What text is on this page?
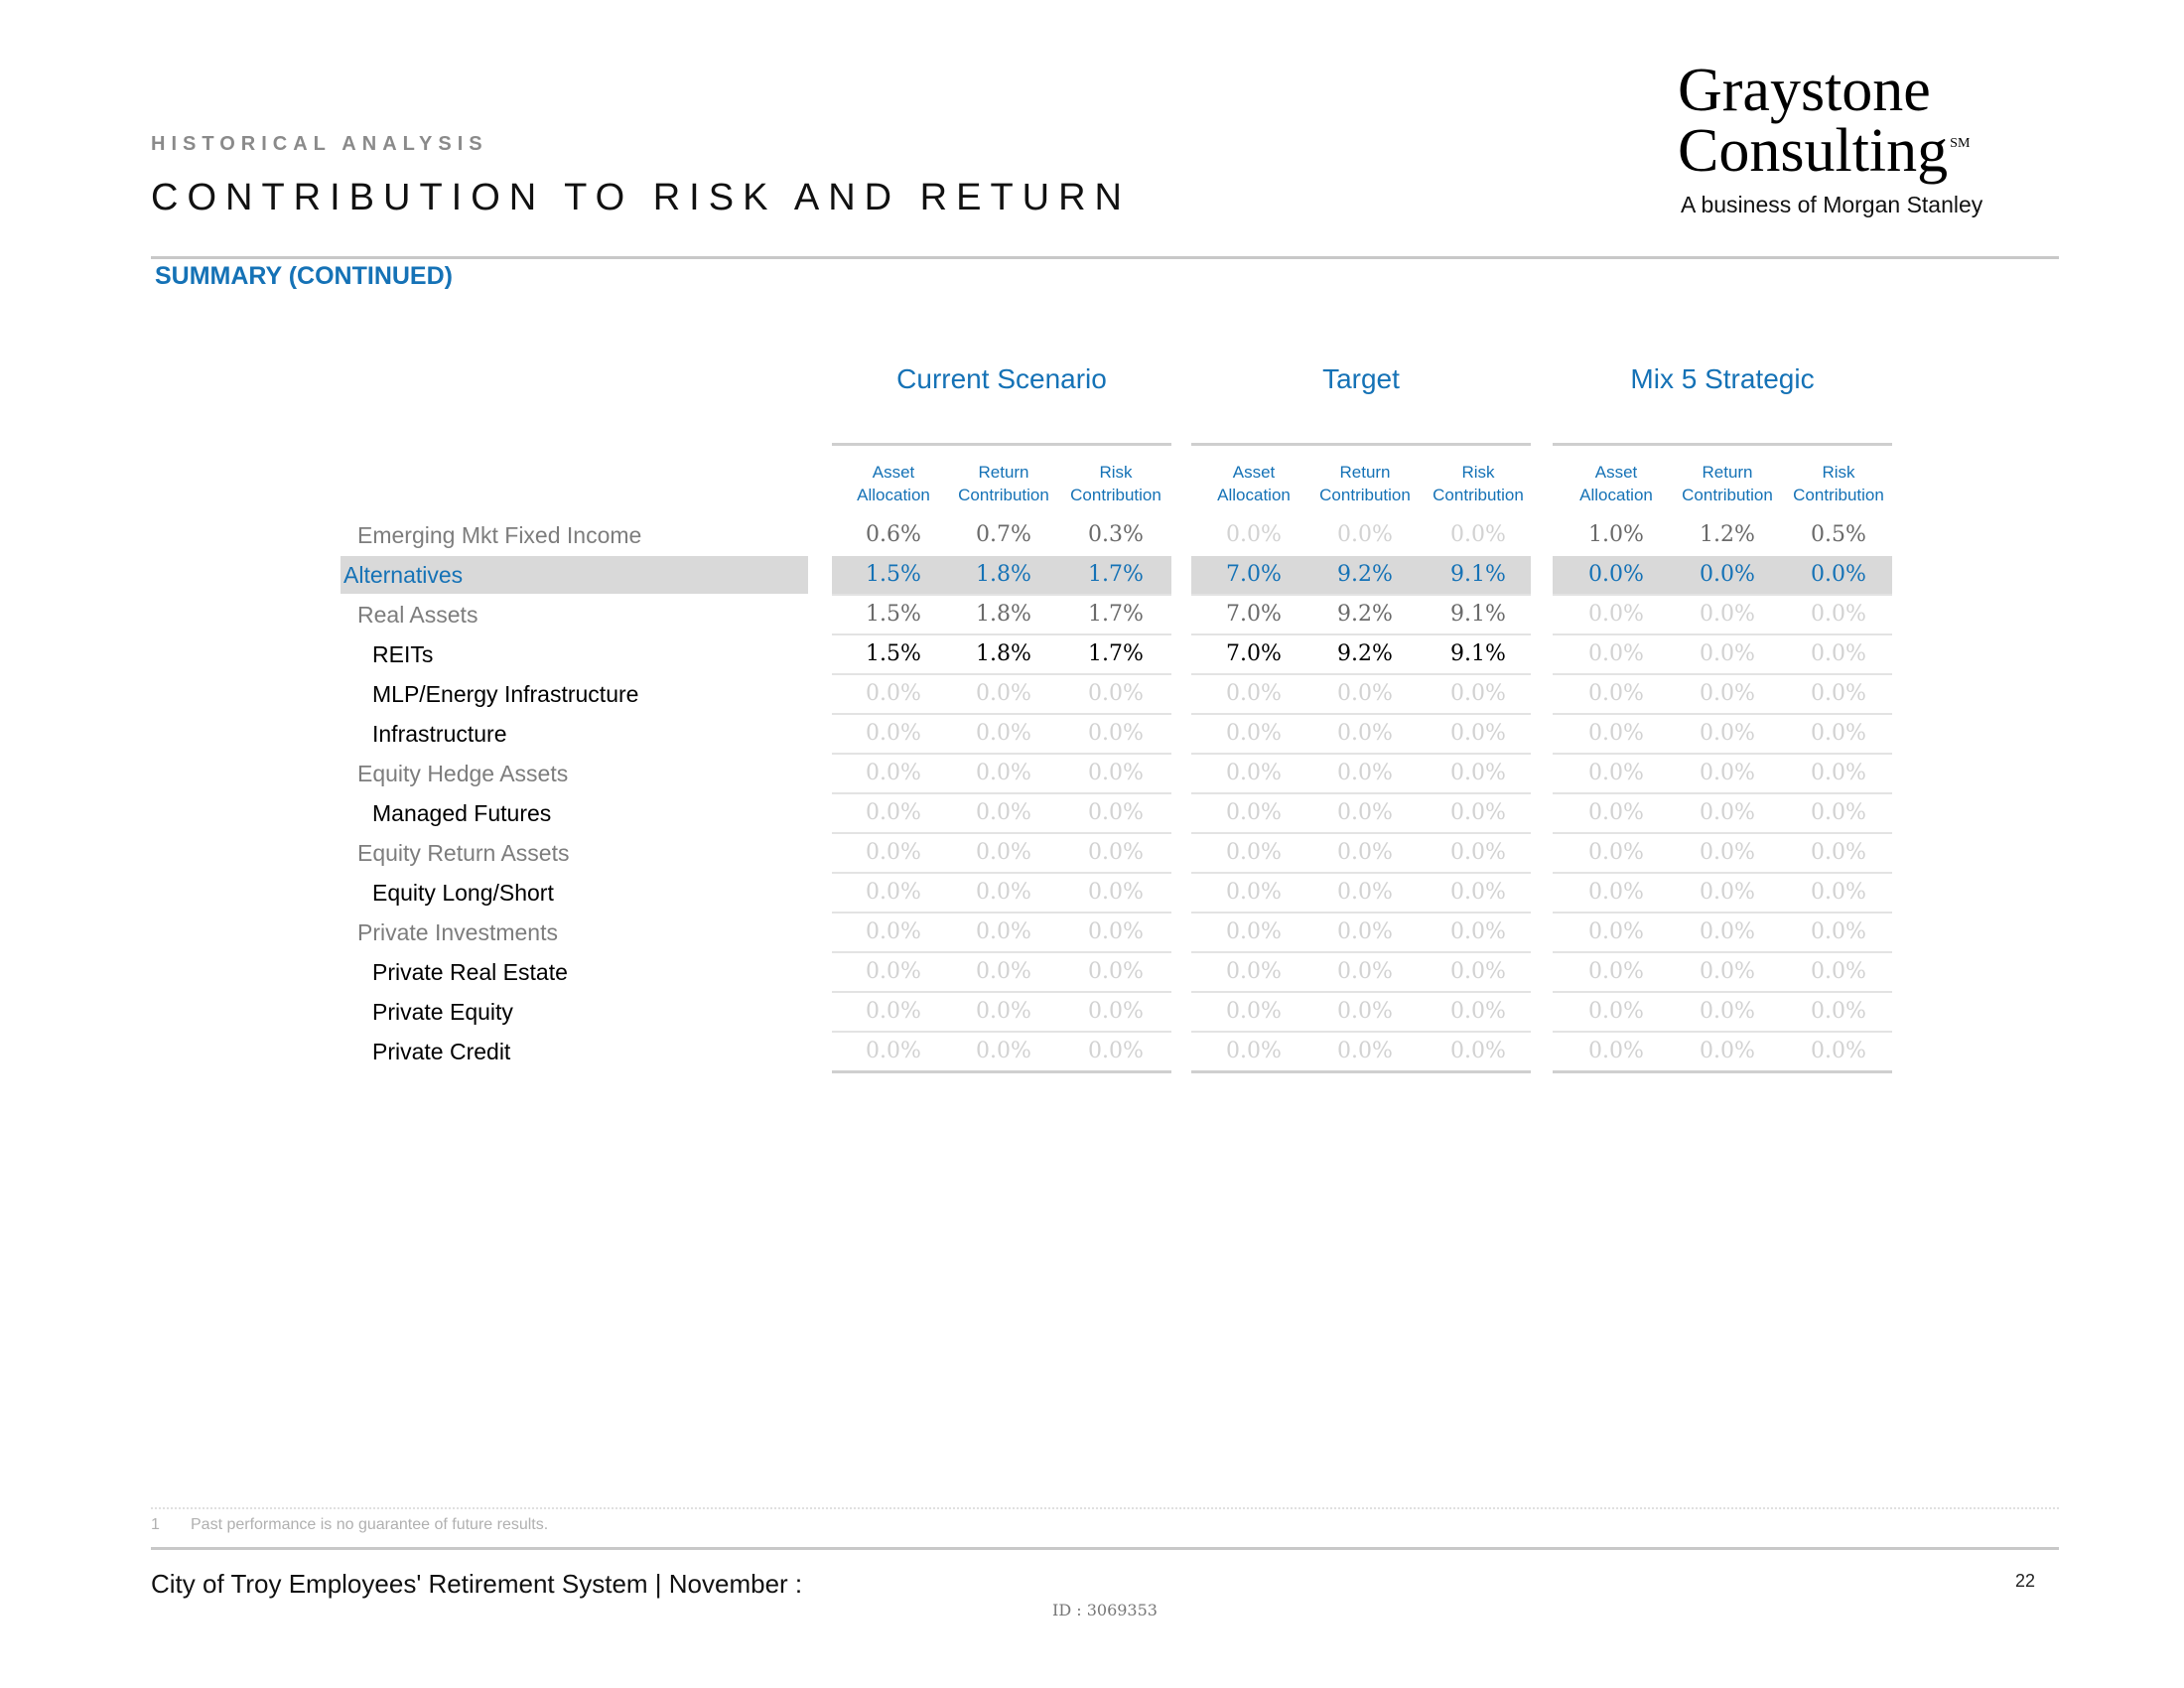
HISTORICAL ANALYSIS
CONTRIBUTION TO RISK AND RETURN
Graystone
Consulting ℠
A business of Morgan Stanley
SUMMARY (CONTINUED)
Current Scenario
Asset
Allocation
Return
Contribution
Risk
Contribution
Target
Asset
Allocation
Return
Contribution
Risk
Contribution
Mix 5 Strategic
Asset
Allocation
Return
Contribution
Risk
Contribution
Emerging Mkt Fixed Income	0.6%	0.7%	0.3%	0.0%	0.0%	0.0%	1.0%	1.2%	0.5%
Alternatives	1.5%	1.8%	1.7%	7.0%	9.2%	9.1%	0.0%	0.0%	0.0%
Real Assets	1.5%	1.8%	1.7%	7.0%	9.2%	9.1%	0.0%	0.0%	0.0%
REITs	1.5%	1.8%	1.7%	7.0%	9.2%	9.1%	0.0%	0.0%	0.0%
MLP/Energy Infrastructure	0.0%	0.0%	0.0%	0.0%	0.0%	0.0%	0.0%	0.0%	0.0%
Infrastructure	0.0%	0.0%	0.0%	0.0%	0.0%	0.0%	0.0%	0.0%	0.0%
Equity Hedge Assets	0.0%	0.0%	0.0%	0.0%	0.0%	0.0%	0.0%	0.0%	0.0%
Managed Futures	0.0%	0.0%	0.0%	0.0%	0.0%	0.0%	0.0%	0.0%	0.0%
Equity Return Assets	0.0%	0.0%	0.0%	0.0%	0.0%	0.0%	0.0%	0.0%	0.0%
Equity Long/Short	0.0%	0.0%	0.0%	0.0%	0.0%	0.0%	0.0%	0.0%	0.0%
Private Investments	0.0%	0.0%	0.0%	0.0%	0.0%	0.0%	0.0%	0.0%	0.0%
Private Real Estate	0.0%	0.0%	0.0%	0.0%	0.0%	0.0%	0.0%	0.0%	0.0%
Private Equity	0.0%	0.0%	0.0%	0.0%	0.0%	0.0%	0.0%	0.0%	0.0%
Private Credit	0.0%	0.0%	0.0%	0.0%	0.0%	0.0%	0.0%	0.0%	0.0%
1 Past performance is no guarantee of future results.
City of Troy Employees' Retirement System | November :	22
ID : 3069353
